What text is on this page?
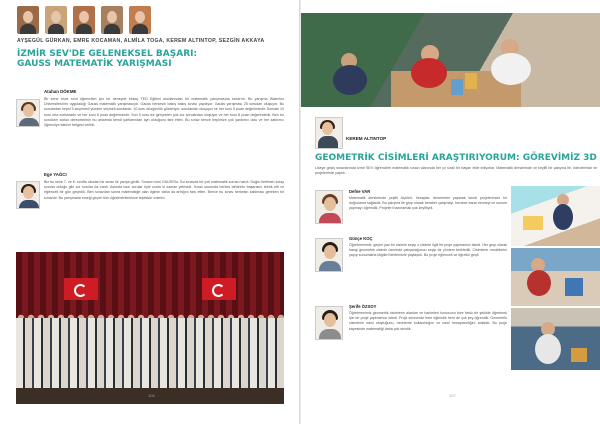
AYŞEGÜL GÜRKAN, EMRE KOCAMAN, ALMİLA TOGA, KEREM ALTINTOP, SEZGİN AKKAYA
İZMİR SEV'DE GELENEKSEL BAŞARI:
GAUSS MATEMATİK YARIŞMASI
Atahan DÖKME
Bir sene önce sınıf öğrencileri için bir deneyde birkaç TED Eğitimi okullarından bir matematik yarışmasına katılırım. Bu yarışma Waterloo Üniversitesi'nin uyguladığı Gauss matematik yarışmasıydı. Gauss herkesin bakış bakış sınavı yapılıyor. Gauss yarışması 25 sorudan oluşuyor. Bu sorulardan hepsi 5 seçenekli yüzden seçmeli sorulardır. 10 soru düzgünlük gösteriyor, sorulardan oluşuyor ve her soru 5 puan değerindedir. Sonraki 10 soru orta zorluktadır ve her soru 6 puan değerindedir. Son 5 soru ise gerçekten çok zor sorulardan oluşuyor ve her soru 8 puan değerindedir. Ben bu soruların zorluk derecelerinin bu anlamda kendi şartlarından ayrı olduğunu fark ettim. Bu sınav bence hepimize çok yardımcı oldu ve her katılımcı öğrenciye katılım belgesi verildi.
Ege YAĞCI
Biz bu sene 7. ve 8. sınıfta okudan bir sınav ile yarışa girdik. Sınavın ismi GAUSS'tu. Bu sınavda bir çok matematik sorusu vardı. Doğru iletilmen kolay sorular olduğu gibi zor sorular da vardı. Aslında bazı sorular öyle zordu ki zaman yetmedi. Sınav sonunda herkes birbirinin başarısını tebrik etti ve eğlenceli bir gün geçirdik. Ben sınavdan sonra matematiğe olan ilgimin daha da arttığını fark ettim. Bence bu sınav herkesin katılması gereken bir sınavdır. Bu yarışmada emeği geçen tüm öğretmenlerimize teşekkür ederim.
106
KEREM ALTINTOP
GEOMETRİK CİSİMLERİ ARAŞTIRIYORUM: GÖREVİMİZ 3D
Liseye geçiş sınavlarında İzmir SEV öğrencileri matematik sınavı alanında her yıl sıralı bir başarı elde ediyorlar. Matematik derslerinde ve keyifli bir çalışma ile, ödevlerimizi ve projelerimizi yaptık.
Defne VAR
Matematik derslerinde çeşitli ölçüleri, hesaplar, denemeler yaparak kendi projelerimize bir doğrulama sağladık. Bu çalışma ile grup olarak beraber çalışmayı, beraber karar vermeyi ve sunum yapmayı öğrendik. Projeleri hazırlamak çok keyifliydi.
Günçe KOÇ
Öğretmenimiz, geçen yaz bir cisimin seçip o cisimle ilgili bir proje yapmamızı istedi. Her grup olarak hangi geometrik cisimin üzerinde çalışacağımızı seçip bir yöntem belirledik. Cisimlerin modellerini yapıp sunumlarla bilgileri birbirimizle paylaştık. Bu proje eğlenceli ve öğretici geçti.
Şerife ÖZSOY
Öğretmenimiz geometrik cisimlerin alanları ve hacimleri konusunu bize farklı bir şekilde öğretmek için bir proje yapmamızı istedi. Proje sürecinde hem eğlendik hem de çok şey öğrendik. Geometrik cisimlerin nasıl oluştuğunu, nerelerde kullanıldığını ve nasıl hesaplandığını anladık. Bu proje sayesinde matematiği daha çok sevdik.
107
